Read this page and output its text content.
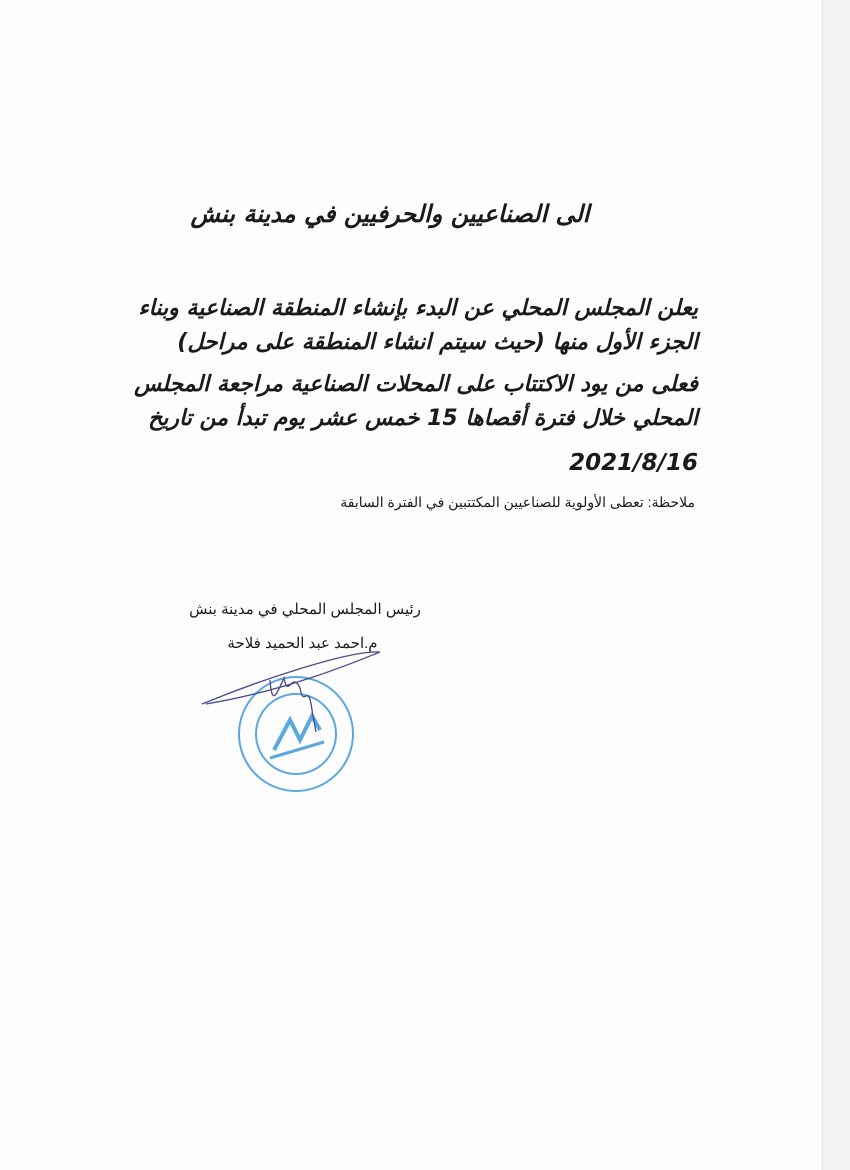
الى الصناعيين والحرفيين في مدينة بنش

يعلن المجلس المحلي عن البدء بإنشاء المنطقة الصناعية وبناء

الجزء الأول منها (حيث سيتم انشاء المنطقة على مراحل)

فعلى من يود الاكتتاب على المحلات الصناعية مراجعة المجلس

المحلي خلال فترة أقصاها 15 خمس عشر يوم تبدأ من تاريخ

2021/8/16
ملاحظة: تعطى الأولوية للصناعيين المكتتبين في الفترة السابقة
رئيس المجلس المحلي في مدينة بنش
م.احمد عبد الحميد فلاحة
